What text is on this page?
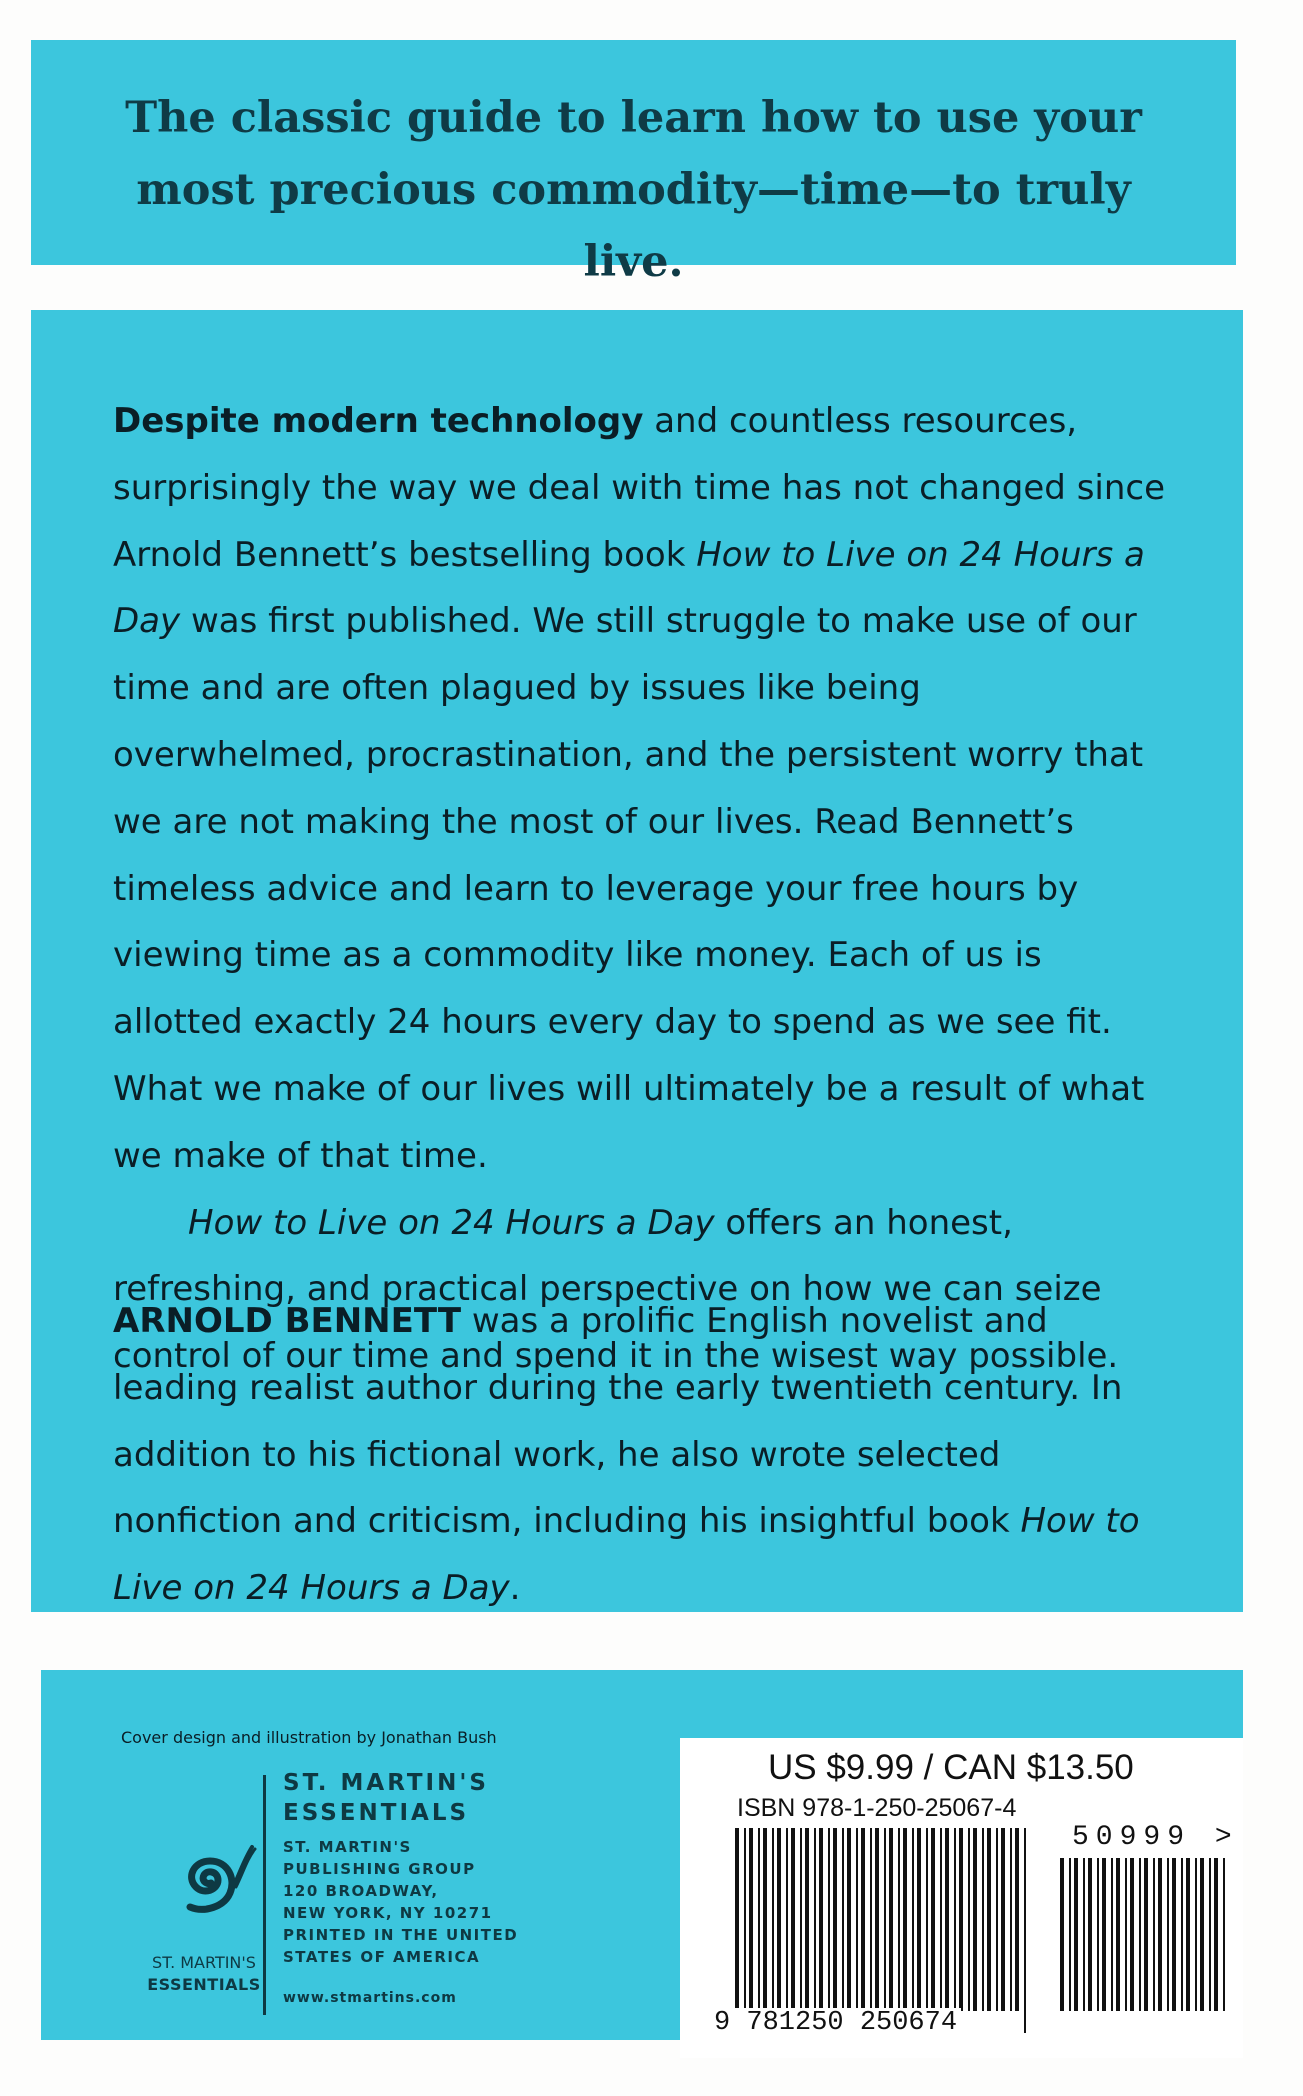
The classic guide to learn how to use your most precious commodity—time—to truly live.

Despite modern technology and countless resources, surprisingly the way we deal with time has not changed since Arnold Bennett’s bestselling book How to Live on 24 Hours a Day was first published. We still struggle to make use of our time and are often plagued by issues like being overwhelmed, procrastination, and the persistent worry that we are not making the most of our lives. Read Bennett’s timeless advice and learn to leverage your free hours by viewing time as a commodity like money. Each of us is allotted exactly 24 hours every day to spend as we see fit. What we make of our lives will ultimately be a result of what we make of that time.

How to Live on 24 Hours a Day offers an honest, refreshing, and practical perspective on how we can seize control of our time and spend it in the wisest way possible.

ARNOLD BENNETT was a prolific English novelist and leading realist author during the early twentieth century. In addition to his fictional work, he also wrote selected nonfiction and criticism, including his insightful book How to Live on 24 Hours a Day.

Cover design and illustration by Jonathan Bush
ST. MARTIN'S
ESSENTIALS
ST. MARTIN'S
ESSENTIALS
ST. MARTIN'S
PUBLISHING GROUP
120 BROADWAY,
NEW YORK, NY 10271
PRINTED IN THE UNITED
STATES OF AMERICA
www.stmartins.com
US $9.99 / CAN $13.50
ISBN 978-1-250-25067-4
50999 >
9 781250 250674
